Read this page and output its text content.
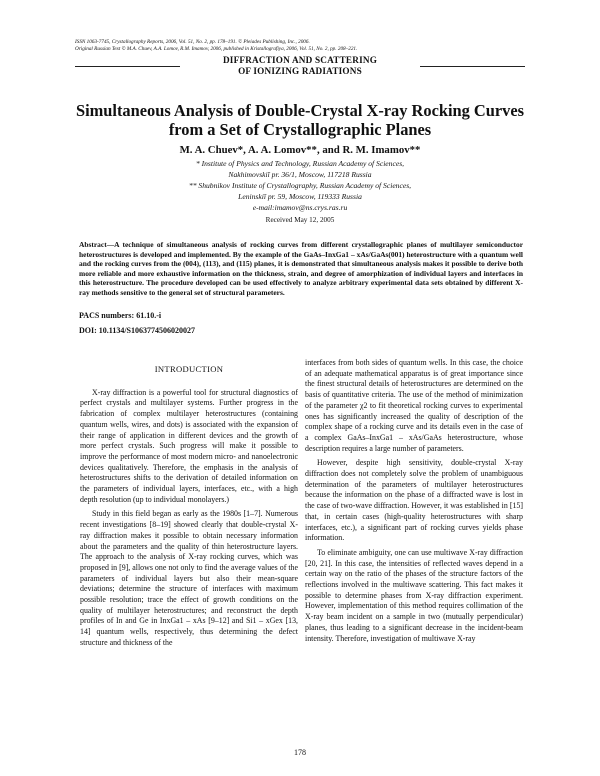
ISSN 1063-7745, Crystallography Reports, 2006, Vol. 51, No. 2, pp. 178–191. © Pleiades Publishing, Inc., 2006.
Original Russian Text © M.A. Chuev, A.A. Lomov, R.M. Imamov, 2006, published in Kristallografiya, 2006, Vol. 51, No. 2, pp. 208–221.
DIFFRACTION AND SCATTERING
OF IONIZING RADIATIONS
Simultaneous Analysis of Double-Crystal X-ray Rocking Curves
from a Set of Crystallographic Planes
M. A. Chuev*, A. A. Lomov**, and R. M. Imamov**
* Institute of Physics and Technology, Russian Academy of Sciences,
Nakhimovskiĭ pr. 36/1, Moscow, 117218 Russia
** Shubnikov Institute of Crystallography, Russian Academy of Sciences,
Leninskiĭ pr. 59, Moscow, 119333 Russia
e-mail:imamov@ns.crys.ras.ru
Received May 12, 2005
Abstract—A technique of simultaneous analysis of rocking curves from different crystallographic planes of multilayer semiconductor heterostructures is developed and implemented. By the example of the GaAs–InxGa1 – xAs/GaAs(001) heterostructure with a quantum well and the rocking curves from the (004), (113), and (115) planes, it is demonstrated that simultaneous analysis makes it possible to derive both more reliable and more exhaustive information on the thickness, strain, and degree of amorphization of individual layers and interfaces in this heterostructure. The procedure developed can be used effectively to analyze arbitrary experimental data sets obtained by different X-ray methods sensitive to the general set of structural parameters.
PACS numbers: 61.10.-i
DOI: 10.1134/S1063774506020027
INTRODUCTION

X-ray diffraction is a powerful tool for structural diagnostics of perfect crystals and multilayer systems. Further progress in the fabrication of complex multilayer heterostructures (containing quantum wells, wires, and dots) is associated with the expansion of their range of application in different devices and the growth of more perfect crystals. Such progress will make it possible to improve the performance of most modern micro- and nanoelectronic devices qualitatively. Therefore, the emphasis in the analysis of heterostructures shifts to the derivation of detailed information on the parameters of individual layers, interfaces, etc., with a high depth resolution (up to individual monolayers.)

Study in this field began as early as the 1980s [1–7]. Numerous recent investigations [8–19] showed clearly that double-crystal X-ray diffraction makes it possible to obtain necessary information about the parameters and the quality of thin heterostructure layers. The approach to the analysis of X-ray rocking curves, which was proposed in [9], allows one not only to find the average values of the parameters of individual layers but also their mean-square deviations; determine the structure of interfaces with maximum possible resolution; trace the effect of growth conditions on the quality of multilayer heterostructures; and reconstruct the depth profiles of In and Ge in InxGa1 – xAs [9–12] and Si1 – xGex [13, 14] quantum wells, respectively, thus determining the defect structure and thickness of the

interfaces from both sides of quantum wells. In this case, the choice of an adequate mathematical apparatus is of great importance since the finest structural details of heterostructures are determined on the basis of quantitative criteria. The use of the method of minimization of the parameter χ2 to fit theoretical rocking curves to experimental ones has significantly increased the quality of description of the complex shape of a rocking curve and its details even in the case of a complex GaAs–InxGa1 – xAs/GaAs heterostructure, whose description requires a large number of parameters.

However, despite high sensitivity, double-crystal X-ray diffraction does not completely solve the problem of unambiguous determination of the parameters of multilayer heterostructures because the information on the phase of a diffracted wave is lost in the case of two-wave diffraction. However, it was established in [15] that, in certain cases (high-quality heterostructures with sharp interfaces, etc.), a significant part of rocking curves yields phase information.

To eliminate ambiguity, one can use multiwave X-ray diffraction [20, 21]. In this case, the intensities of reflected waves depend in a certain way on the ratio of the phases of the structure factors of the reflections involved in the multiwave scattering. This fact makes it possible to determine phases from X-ray diffraction experiment. However, implementation of this method requires collimation of the X-ray beam incident on a sample in two (mutually perpendicular) planes, thus leading to a significant decrease in the incident-beam intensity. Therefore, investigation of multiwave X-ray

178
